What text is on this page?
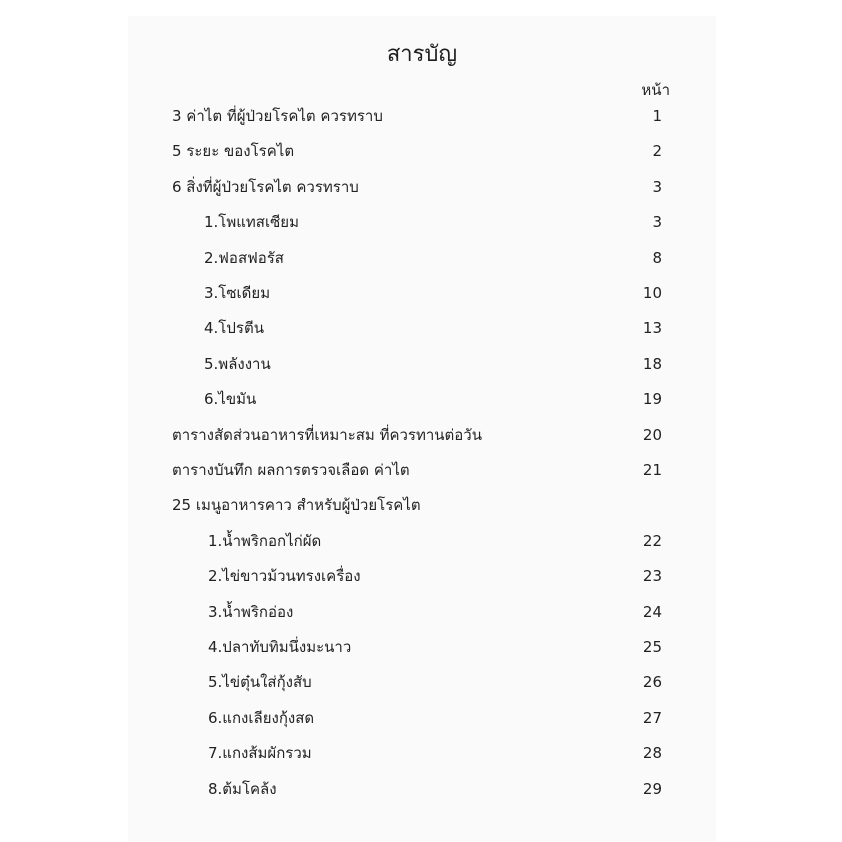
สารบัญ
หน้า
3 ค่าไต ที่ผู้ป่วยโรคไต ควรทราบ	1
5 ระยะ ของโรคไต	2
6 สิ่งที่ผู้ป่วยโรคไต ควรทราบ	3
1.โพแทสเซียม	3
2.ฟอสฟอรัส	8
3.โซเดียม	10
4.โปรตีน	13
5.พลังงาน	18
6.ไขมัน	19
ตารางสัดส่วนอาหารที่เหมาะสม ที่ควรทานต่อวัน	20
ตารางบันทึก ผลการตรวจเลือด ค่าไต	21
25 เมนูอาหารคาว สำหรับผู้ป่วยโรคไต
1.น้ำพริกอกไก่ผัด	22
2.ไข่ขาวม้วนทรงเครื่อง	23
3.น้ำพริกอ่อง	24
4.ปลาทับทิมนึ่งมะนาว	25
5.ไข่ตุ๋นใส่กุ้งสับ	26
6.แกงเลียงกุ้งสด	27
7.แกงส้มผักรวม	28
8.ต้มโคล้ง	29
